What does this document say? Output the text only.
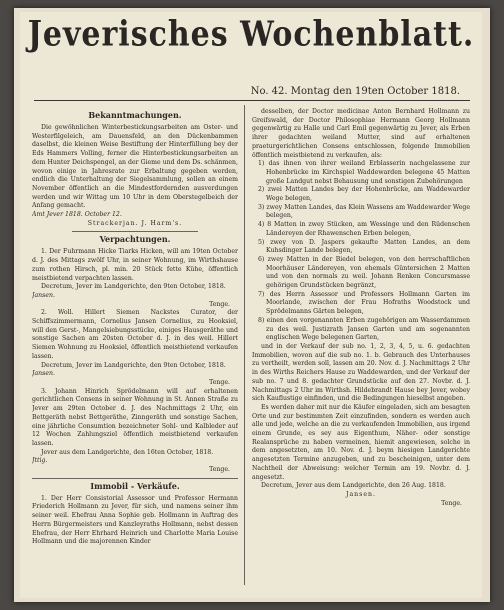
Jeverisches Wochenblatt.
No. 42. Montag den 19ten October 1818.
Bekanntmachungen.

Die gewöhnlichen Winterbestickungsarbeiten am Oster- und Westerfilgeleich, am Dauensfeld, an den Dückenbammen daselbst, die kleinen Weise Bestiftung der Hinterfüllung bey der Eds Hammers Volling, ferner die Hinterbestickungsarbeiten an dem Hunter Deichspengel, an der Gieme und dem Ds. schänmen, wovon einige in Jahresrate zur Erbaltung gegeben werden, endlich die Unterhaltung der Siegelsammlung, sollen an einem November öffentlich an die Mindestfordernden ausverdungen werden und wir Wittag um 10 Uhr in dem Oberstegelbeich der Anfang gemacht.

Amt Jever 1818. October 12.

Strackerjan. J. Harm's.

Verpachtungen.

1. Der Fuhrmann Hicke Tiarks Hicken, will am 19ten October d. J. des Mittags zwölf Uhr, in seiner Wohnung, im Wirthshause zum rothen Hirsch, pl. min. 20 Stück fette Kühe, öffentlich meistbietend verpachten lassen.

Decretum, Jever im Landgerichte, den 9ten October, 1818.

Jansen.

Tenge.

2. Woll. Hillert Siemen Nackstes Curator, der Schiffszimmermann, Cornelius Jansen Cornelius, zu Hooksiel, will den Gerst-, Mangelsiebungsstücke, einiges Hausgeräthe und sonstige Sachen am 20sten October d. J. in des weil. Hillert Siemen Wohnung zu Hooksiel, öffentlich meistbietend verkaufen lassen.

Decretum, Jever im Landgerichte, den 9ten October, 1818.

Jansen.

Tenge.

3. Johann Hinrich Sprödelmann will auf erhaltenen gerichtlichen Consens in seiner Wohnung in St. Annen Straße zu Jever am 29ten October d. J. des Nachmittags 2 Uhr, ein Bettgeräth nebst Bettgeräthe, Zinngeräth und sonstige Sachen, eine jährliche Consumtion bezeichneter Sohl- und Kalbleder auf 12 Wochen Zahlungsziel öffentlich meistbietend verkaufen lassen.

Jever aus dem Landgerichte, den 16ten October, 1818.

Jttig.

Tenge.

Immobil - Verkäufe.

1. Der Herr Consistorial Assessor und Professor Hermann Friederich Hollmann zu Jever, für sich, und namens seiner ihm seiner weil. Ehefrau Anna Sophie geb. Hollmann in Auftrag des Herrn Bürgermeisters und Kanzleyraths Hollmann, nebst dessen Ehefrau, der Herr Ehrhard Heinrich und Charlotte Maria Louise Hollmann und die majorennen Kinder

desselben, der Doctor medicinae Anton Bernhard Hollmann zu Greifswald, der Doctor Philosophiae Hermann Georg Hollmann gegenwärtig zu Halle und Carl Emil gegenwärtig zu Jever, als Erben ihrer gedachten weiland Mutter, sind auf erhaltenen praeturgerichtlichen Consens entschlossen, folgende Immobilien öffentlich meistbietend zu verkaufen, als:

1) das ihnen von ihrer weiland Erblasserin nachgelassene zur Hohenbrücke im Kirchspiel Waddewarden belegene 45 Matten große Landgut nebst Behausung und sonstigen Zubehörungen

2) zwei Matten Landes bey der Hohenbrücke, am Waddewarder Wege belegen,

3) zwey Matten Landes, das Klein Wassens am Waddewarder Wege belegen,

4) 8 Matten in zwey Stücken, am Wessinge und den Rüdenschen Ländereyen der Rhawenschen Erben belegen,

5) zwey von D. Jaspers gekaufte Matten Landes, an dem Kuhsdinger Lande belegen,

6) zwey Matten in der Biedel belegen, von den herrschaftlichen Moorhäuser Ländereyen, von ehemals Güntersichen 2 Matten und von den normals zu weil. Johann Renken Concursmasse gehörigen Grundstücken begränzt,

7) des Herrn Assessor und Professors Hollmann Garten im Moorlande, zwischen der Frau Hofraths Woodstock und Sprödelmanns Gärten belegen,

8) einen den vorgenannten Erben zugehörigen am Wasserdammen zu des weil. Justizrath Jansen Garten und am sogenannten englischen Wege belegenen Garten,

und in der Verkauf der sub no. 1, 2, 3, 4, 5, u. 6. gedachten Immobilien, wovon auf die sub no. 1. b. Gebrauch des Unterhauses zu vertheilt, werden soll, lassen am 20. Nov. d. J. Nachmittags 2 Uhr in des Wirths Reichers Hause zu Waddewarden, und der Verkauf der sub no. 7 und 8. gedachter Grundstücke auf den 27. Novbr. d. J. Nachmittags 2 Uhr im Wirthsh. Hildebrandt Hause bey Jever, wobey sich Kauflustige einfinden, und die Bedingungen hieselbst angeben.

Es werden daher mit nur die Käufer eingeladen, sich am besagten Orte und zur bestimmten Zeit einzufinden, sondern es werden auch alle und jede, welche an die zu verkaufenden Immobilien, aus irgend einem Grunde, es sey aus Eigenthum, Näher- oder sonstige Realansprüche zu haben vermeinen, hiemit angewiesen, solche in dem angesetzten, am 10. Nov. d. J. beym hiesigen Landgerichte angesetzten Termine anzugeben, und zu bescheinigen, unter dem Nachtheil der Abweisung: welcher Termin am 19. Novbr. d. J. angesetzt.

Decretum, Jever aus dem Landgerichte, den 26 Aug. 1818.

Jansen.

Tenge.
